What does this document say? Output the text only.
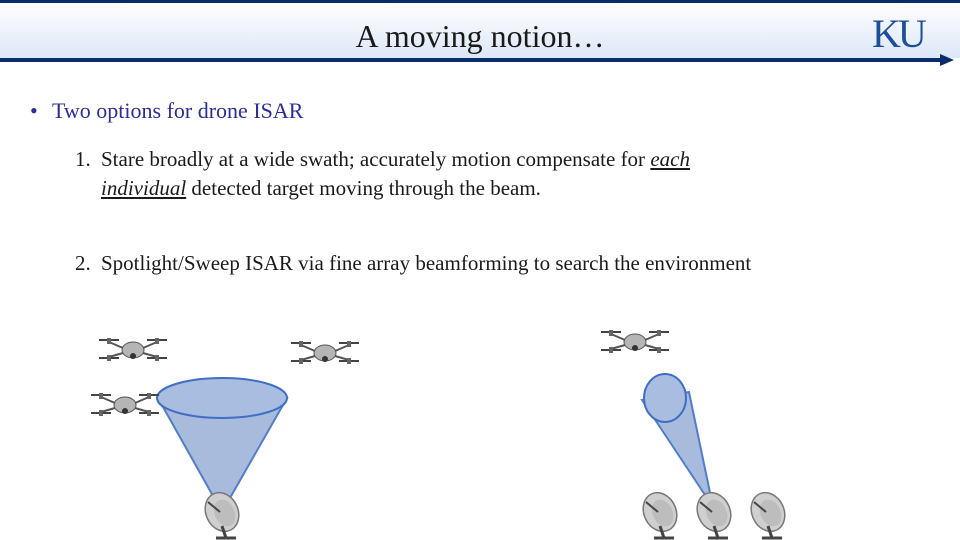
A moving notion…	KU
• Two options for drone ISAR
1. Stare broadly at a wide swath; accurately motion compensate for each
individual detected target moving through the beam.
2. Spotlight/Sweep ISAR via fine array beamforming to search the environment
